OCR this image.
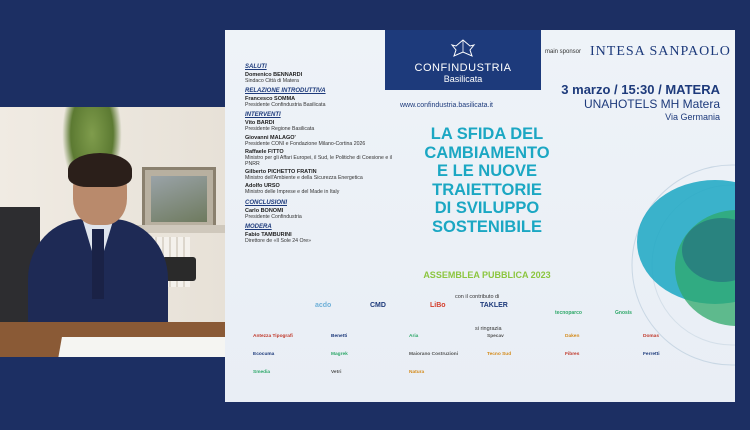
CONFINDUSTRIA
Basilicata
www.confindustria.basilicata.it
main sponsor INTESA SANPAOLO
3 marzo / 15:30 / MATERA
UNAHOTELS MH Matera
Via Germania
LA SFIDA DEL
CAMBIAMENTO
E LE NUOVE
TRAIETTORIE
DI SVILUPPO
SOSTENIBILE
ASSEMBLEA PUBBLICA 2023
SALUTI
Domenico BENNARDI
Sindaco Città di Matera
RELAZIONE INTRODUTTIVA
Francesco SOMMA
Presidente Confindustria Basilicata
INTERVENTI
Vito BARDI
Presidente Regione Basilicata
Giovanni MALAGO'
Presidente CONI e Fondazione Milano-Cortina 2026
Raffaele FITTO
Ministro per gli Affari Europei, il Sud, le Politiche di Coesione e il PNRR
Gilberto PICHETTO FRATIN
Ministro dell'Ambiente e della Sicurezza Energetica
Adolfo URSO
Ministro delle Imprese e del Made in Italy
CONCLUSIONI
Carlo BONOMI
Presidente Confindustria
MODERA
Fabio TAMBURINI
Direttore de «Il Sole 24 Ore»
con il contributo di
acdo	CMD	LiBo	TAKLER
tecnoparco	Gnosis
si ringrazia
Antezza Tipografi	Benetti	Aria	Specav	Daken	Domas
Ecocuma	Magrek	Maiorano Costruzioni	Tecno Sud	Fibres	Ferretti
Smedia	Vetri	Natura
